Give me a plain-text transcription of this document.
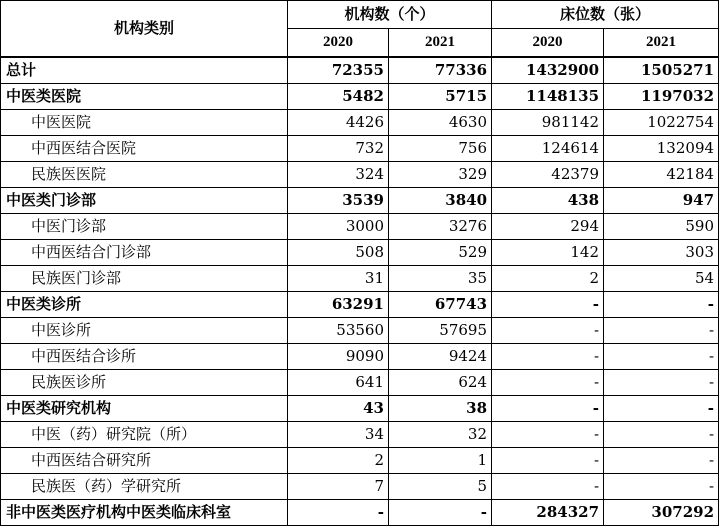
机构类别	机构数（个）		床位数（张）	
	2020	2021	2020	2021
总计	72355	77336	1432900	1505271
中医类医院	5482	5715	1148135	1197032
中医医院	4426	4630	981142	1022754
中西医结合医院	732	756	124614	132094
民族医医院	324	329	42379	42184
中医类门诊部	3539	3840	438	947
中医门诊部	3000	3276	294	590
中西医结合门诊部	508	529	142	303
民族医门诊部	31	35	2	54
中医类诊所	63291	67743	-	-
中医诊所	53560	57695	-	-
中西医结合诊所	9090	9424	-	-
民族医诊所	641	624	-	-
中医类研究机构	43	38	-	-
中医（药）研究院（所）	34	32	-	-
中西医结合研究所	2	1	-	-
民族医（药）学研究所	7	5	-	-
非中医类医疗机构中医类临床科室	-	-	284327	307292
